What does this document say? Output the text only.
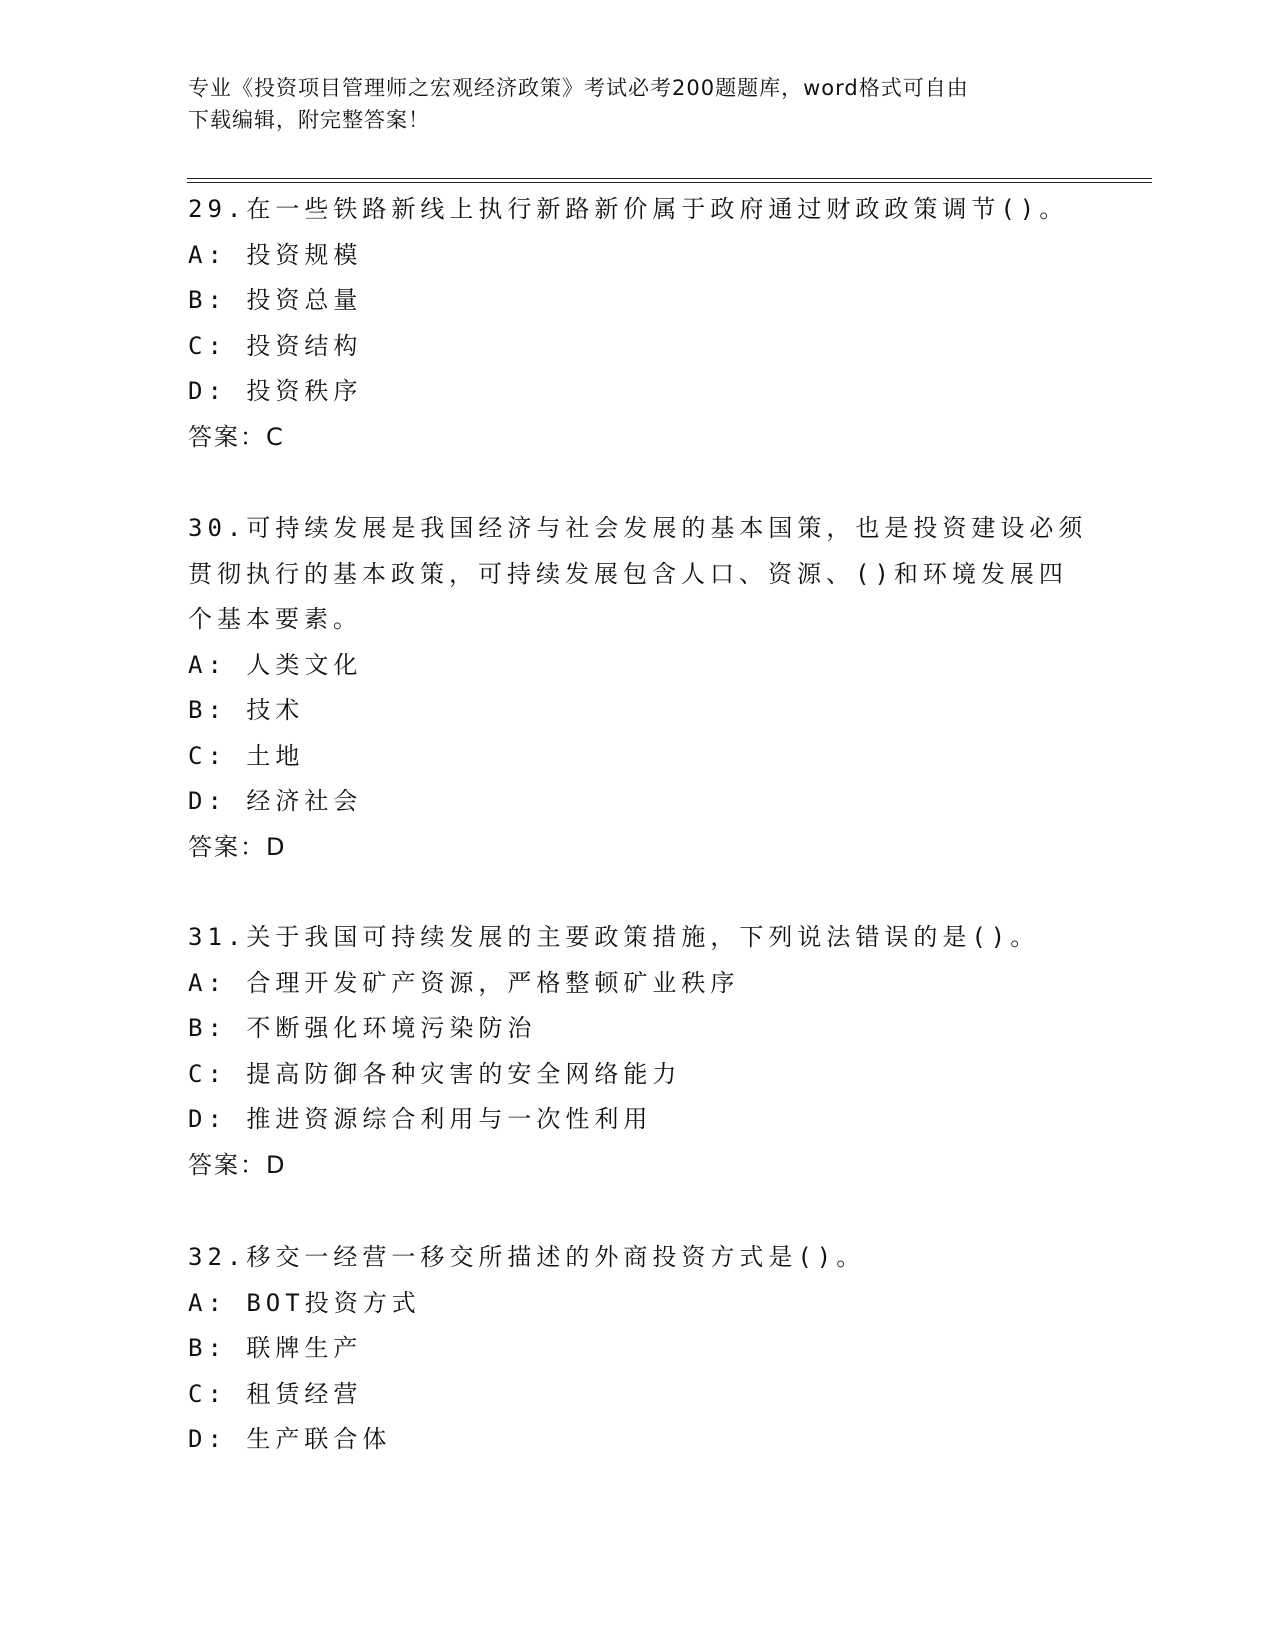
专业《投资项目管理师之宏观经济政策》考试必考200题题库，word格式可自由
下载编辑，附完整答案！
29.在一些铁路新线上执行新路新价属于政府通过财政政策调节()。
A: 投资规模
B: 投资总量
C: 投资结构
D: 投资秩序
答案：C
30.可持续发展是我国经济与社会发展的基本国策，也是投资建设必须
贯彻执行的基本政策，可持续发展包含人口、资源、()和环境发展四
个基本要素。
A: 人类文化
B: 技术
C: 土地
D: 经济社会
答案：D
31.关于我国可持续发展的主要政策措施，下列说法错误的是()。
A: 合理开发矿产资源，严格整顿矿业秩序
B: 不断强化环境污染防治
C: 提高防御各种灾害的安全网络能力
D: 推进资源综合利用与一次性利用
答案：D
32.移交一经营一移交所描述的外商投资方式是()。
A: BOT投资方式
B: 联牌生产
C: 租赁经营
D: 生产联合体
